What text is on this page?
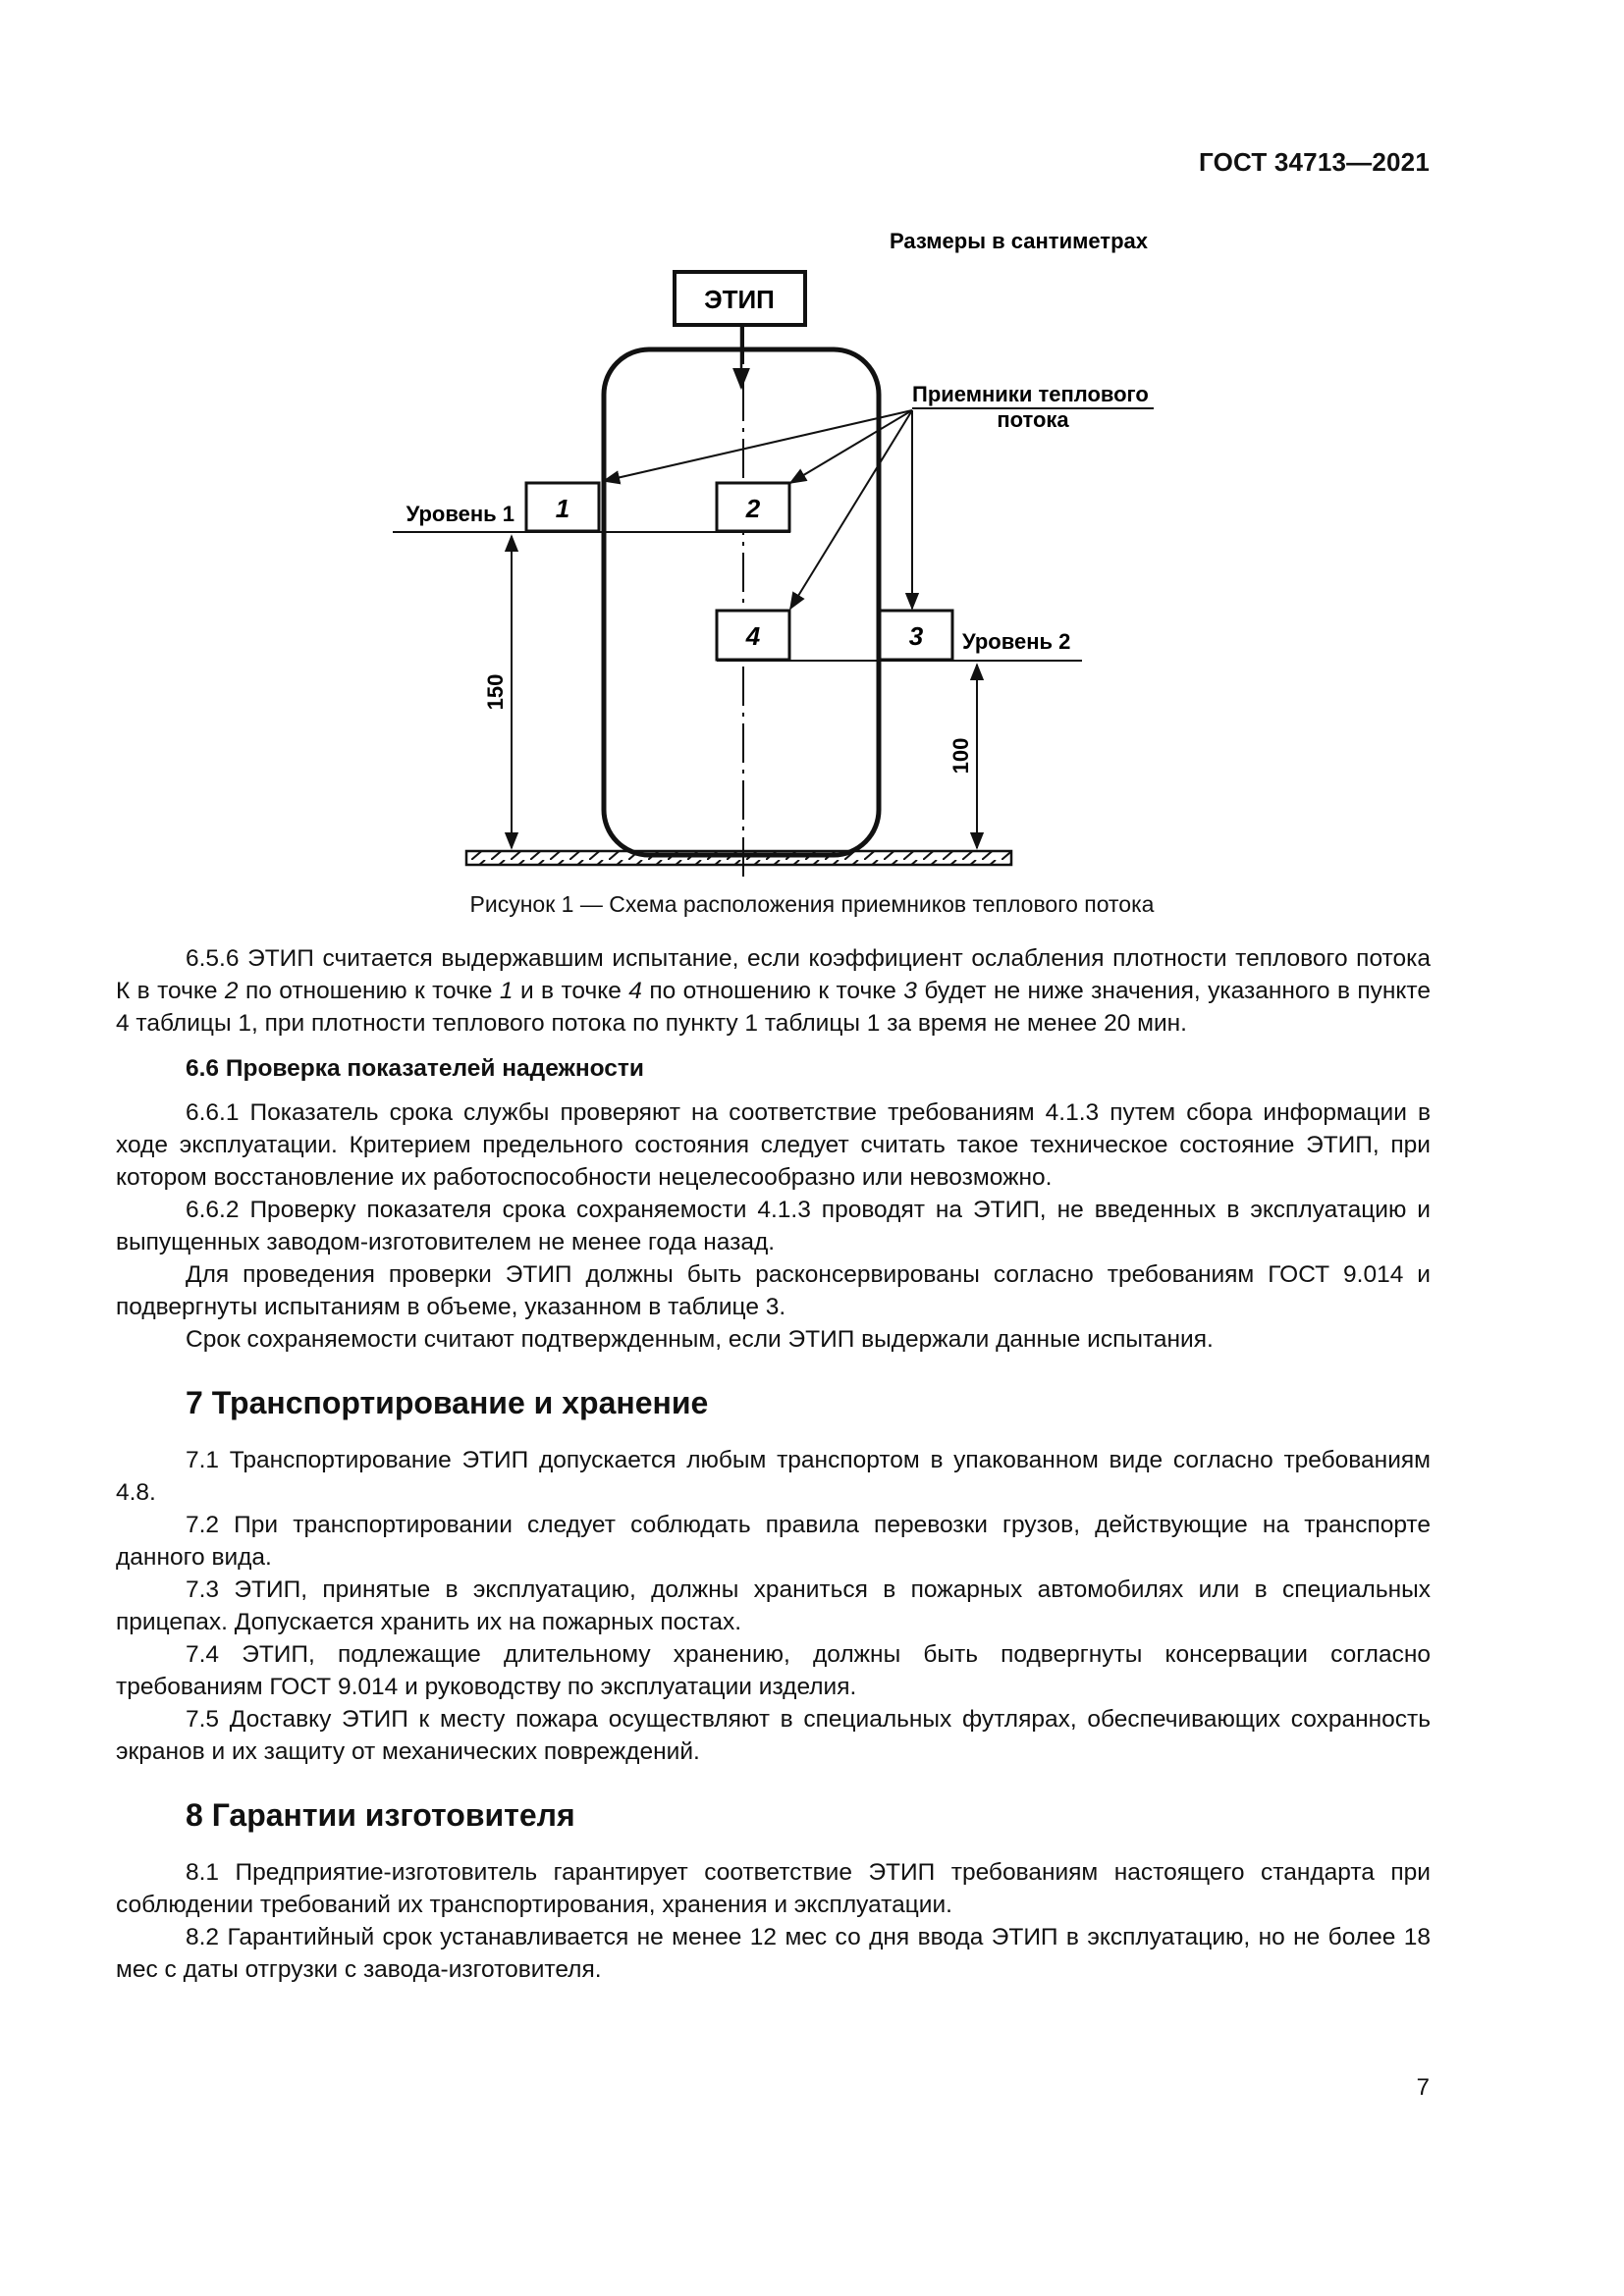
ГОСТ 34713—2021
Размеры в сантиметрах
ЭТИП
Уровень 1
Уровень 2
1	2
3
4
Приемники теплового
потока
150
100
Рисунок 1 — Схема расположения приемников теплового потока

6.5.6 ЭТИП считается выдержавшим испытание, если коэффициент ослабления плотности теплового потока К в точке 2 по отношению к точке 1 и в точке 4 по отношению к точке 3 будет не ниже значения, указанного в пункте 4 таблицы 1, при плотности теплового потока по пункту 1 таблицы 1 за время не менее 20 мин.

6.6 Проверка показателей надежности

6.6.1 Показатель срока службы проверяют на соответствие требованиям 4.1.3 путем сбора информации в ходе эксплуатации. Критерием предельного состояния следует считать такое техническое состояние ЭТИП, при котором восстановление их работоспособности нецелесообразно или невозможно.

6.6.2 Проверку показателя срока сохраняемости 4.1.3 проводят на ЭТИП, не введенных в эксплуатацию и выпущенных заводом-изготовителем не менее года назад.

Для проведения проверки ЭТИП должны быть расконсервированы согласно требованиям ГОСТ 9.014 и подвергнуты испытаниям в объеме, указанном в таблице 3.

Срок сохраняемости считают подтвержденным, если ЭТИП выдержали данные испытания.

7 Транспортирование и хранение

7.1 Транспортирование ЭТИП допускается любым транспортом в упакованном виде согласно требованиям 4.8.

7.2 При транспортировании следует соблюдать правила перевозки грузов, действующие на транспорте данного вида.

7.3 ЭТИП, принятые в эксплуатацию, должны храниться в пожарных автомобилях или в специальных прицепах. Допускается хранить их на пожарных постах.

7.4 ЭТИП, подлежащие длительному хранению, должны быть подвергнуты консервации согласно требованиям ГОСТ 9.014 и руководству по эксплуатации изделия.

7.5 Доставку ЭТИП к месту пожара осуществляют в специальных футлярах, обеспечивающих сохранность экранов и их защиту от механических повреждений.

8 Гарантии изготовителя

8.1 Предприятие-изготовитель гарантирует соответствие ЭТИП требованиям настоящего стандарта при соблюдении требований их транспортирования, хранения и эксплуатации.

8.2 Гарантийный срок устанавливается не менее 12 мес со дня ввода ЭТИП в эксплуатацию, но не более 18 мес с даты отгрузки с завода-изготовителя.

7
